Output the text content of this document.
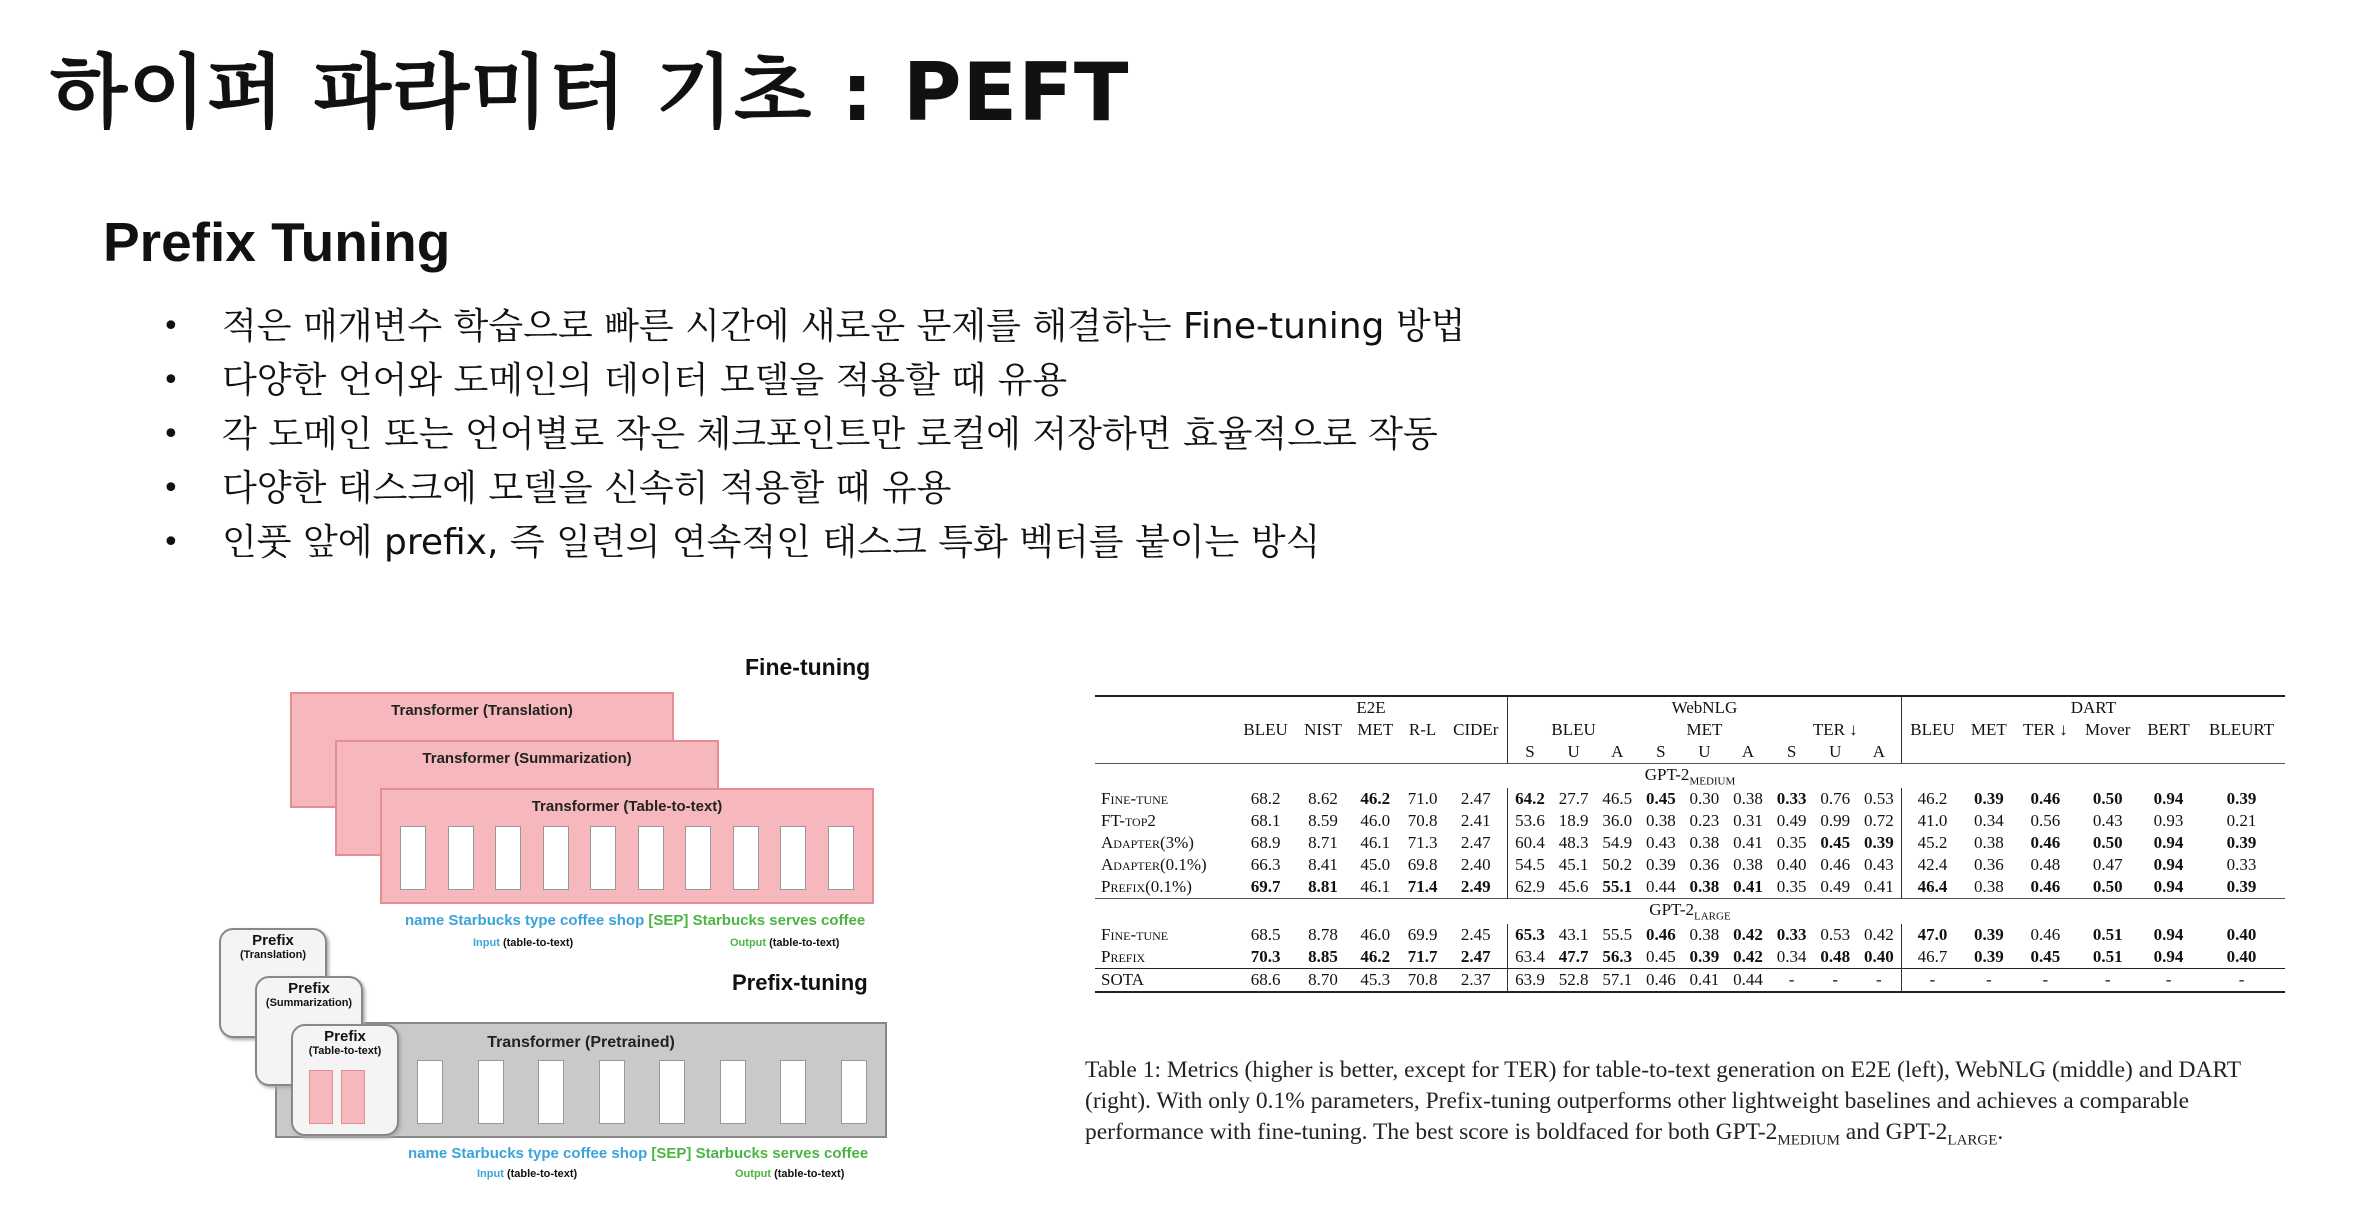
하이퍼 파라미터 기초 : PEFT
Prefix Tuning
• 적은 매개변수 학습으로 빠른 시간에 새로운 문제를 해결하는 Fine-tuning 방법
• 다양한 언어와 도메인의 데이터 모델을 적용할 때 유용
• 각 도메인 또는 언어별로 작은 체크포인트만 로컬에 저장하면 효율적으로 작동
• 다양한 태스크에 모델을 신속히 적용할 때 유용
• 인풋 앞에 prefix, 즉 일련의 연속적인 태스크 특화 벡터를 붙이는 방식
Fine-tuning
Transformer (Translation)
Transformer (Summarization)
Transformer (Table-to-text)
name Starbucks type coffee shop [SEP] Starbucks serves coffee
Input (table-to-text)	Output (table-to-text)
Prefix-tuning
Transformer (Pretrained)
Prefix
(Translation)
Prefix
(Summarization)
Prefix
(Table-to-text)
name Starbucks type coffee shop [SEP] Starbucks serves coffee
Input (table-to-text)	Output (table-to-text)
	E2E					WebNLG									DART					
	BLEU	NIST	MET	R-L	CIDEr	BLEU			MET			TER ↓			BLEU	MET	TER ↓	Mover	BERT	BLEURT
						S	U	A	S	U	A	S	U	A						
GPT-$2_{MEDIUM}$
Fine-tune	68.2	8.62	46.2	71.0	2.47	64.2	27.7	46.5	0.45	0.30	0.38	0.33	0.76	0.53	46.2	0.39	0.46	0.50	0.94	0.39
FT-top2	68.1	8.59	46.0	70.8	2.41	53.6	18.9	36.0	0.38	0.23	0.31	0.49	0.99	0.72	41.0	0.34	0.56	0.43	0.93	0.21
Adapter(3%)	68.9	8.71	46.1	71.3	2.47	60.4	48.3	54.9	0.43	0.38	0.41	0.35	0.45	0.39	45.2	0.38	0.46	0.50	0.94	0.39
Adapter(0.1%)	66.3	8.41	45.0	69.8	2.40	54.5	45.1	50.2	0.39	0.36	0.38	0.40	0.46	0.43	42.4	0.36	0.48	0.47	0.94	0.33
Prefix(0.1%)	69.7	8.81	46.1	71.4	2.49	62.9	45.6	55.1	0.44	0.38	0.41	0.35	0.49	0.41	46.4	0.38	0.46	0.50	0.94	0.39
GPT-$2_{LARGE}$
Fine-tune	68.5	8.78	46.0	69.9	2.45	65.3	43.1	55.5	0.46	0.38	0.42	0.33	0.53	0.42	47.0	0.39	0.46	0.51	0.94	0.40
Prefix	70.3	8.85	46.2	71.7	2.47	63.4	47.7	56.3	0.45	0.39	0.42	0.34	0.48	0.40	46.7	0.39	0.45	0.51	0.94	0.40
SOTA	68.6	8.70	45.3	70.8	2.37	63.9	52.8	57.1	0.46	0.41	0.44	-	-	-	-	-	-	-	-	-
Table 1: Metrics (higher is better, except for TER) for table-to-text generation on E2E (left), WebNLG (middle) and DART (right). With only 0.1% parameters, Prefix-tuning outperforms other lightweight baselines and achieves a comparable performance with fine-tuning. The best score is boldfaced for both GPT-$2_{MEDIUM}$ and GPT-$2_{LARGE}$.
